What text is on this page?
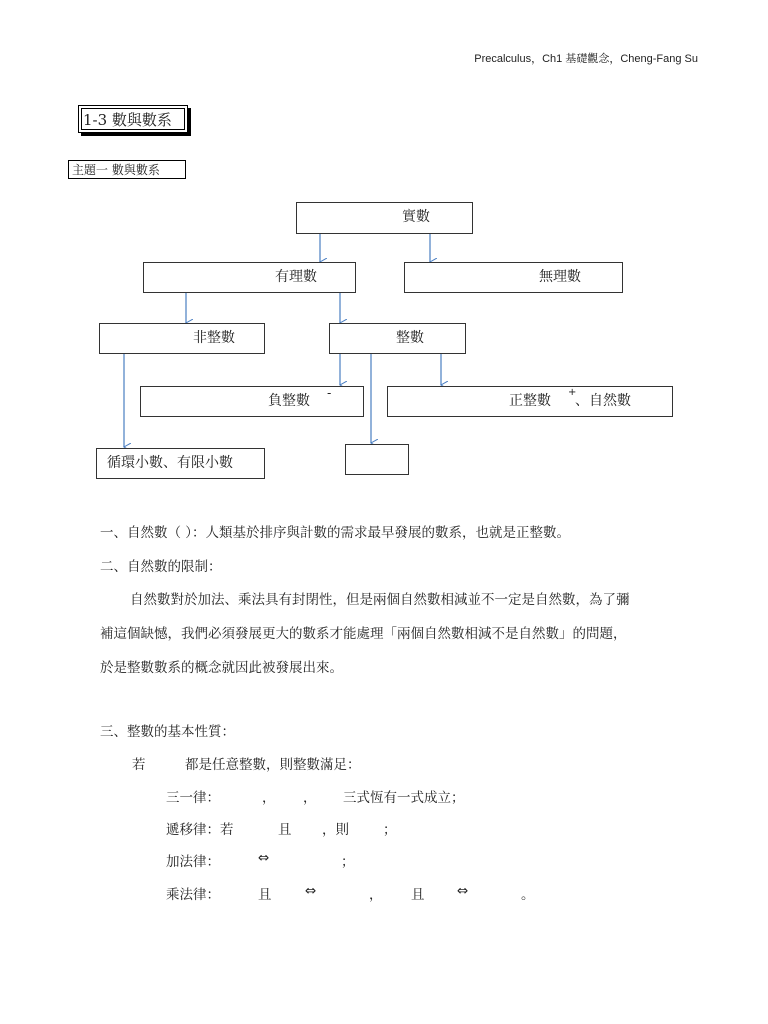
Precalculus，Ch1 基礎觀念，Cheng-Fang Su
1-3 數與數系
主題一 數與數系
實數
有理數	無理數
非整數	整數
負整數 -	正整數
+
、自然數
循環小數、有限小數
一、自然數（ ）：人類基於排序與計數的需求最早發展的數系，也就是正整數。
二、自然數的限制：
自然數對於加法、乘法具有封閉性，但是兩個自然數相減並不一定是自然數，為了彌
補這個缺憾，我們必須發展更大的數系才能處理「兩個自然數相減不是自然數」的問題，
於是整數數系的概念就因此被發展出來。
三、整數的基本性質：
若	都是任意整數，則整數滿足：
三一律：	， ， 三式恆有一式成立；
遞移律：若	且 ，則	；
加法律：	⇔	；
乘法律：	且 ⇔	， 且 ⇔	。
